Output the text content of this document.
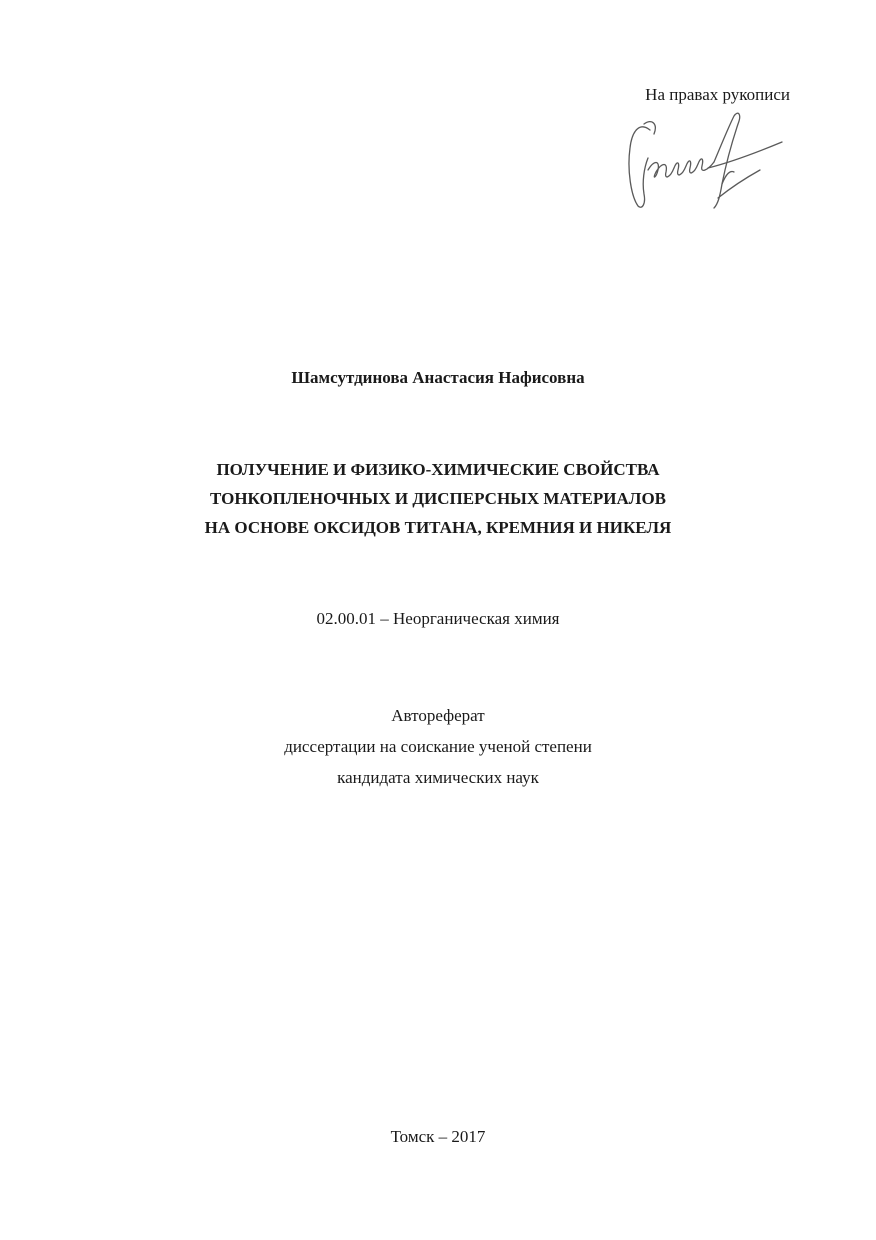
На правах рукописи
Шамсутдинова Анастасия Нафисовна
ПОЛУЧЕНИЕ И ФИЗИКО-ХИМИЧЕСКИЕ СВОЙСТВА
ТОНКОПЛЕНОЧНЫХ И ДИСПЕРСНЫХ МАТЕРИАЛОВ
НА ОСНОВЕ ОКСИДОВ ТИТАНА, КРЕМНИЯ И НИКЕЛЯ
02.00.01 – Неорганическая химия
Автореферат
диссертации на соискание ученой степени
кандидата химических наук
Томск – 2017
